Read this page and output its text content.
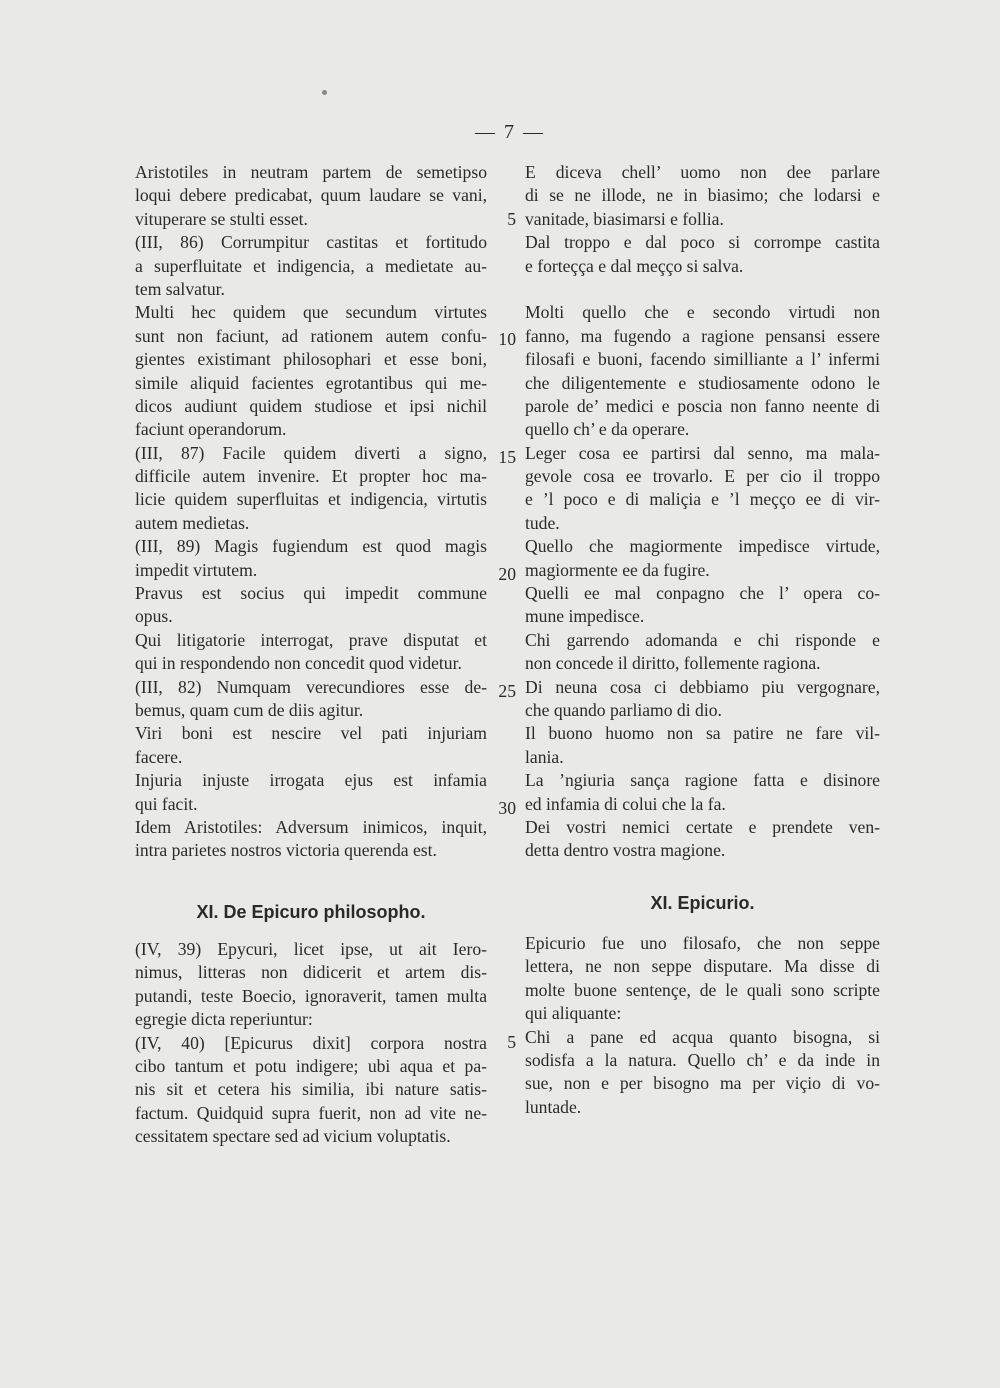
— 7 —
Aristotiles in neutram partem de semetipso
loqui debere predicabat, quum laudare se vani,
vituperare se stulti esset.
(III, 86) Corrumpitur castitas et fortitudo
a superfluitate et indigencia, a medietate au-
tem salvatur.
Multi hec quidem que secundum virtutes
sunt non faciunt, ad rationem autem confu-
gientes existimant philosophari et esse boni,
simile aliquid facientes egrotantibus qui me-
dicos audiunt quidem studiose et ipsi nichil
faciunt operandorum.
(III, 87) Facile quidem diverti a signo,
difficile autem invenire. Et propter hoc ma-
licie quidem superfluitas et indigencia, virtutis
autem medietas.
(III, 89) Magis fugiendum est quod magis
impedit virtutem.
Pravus est socius qui impedit commune
opus.
Qui litigatorie interrogat, prave disputat et
qui in respondendo non concedit quod videtur.
(III, 82) Numquam verecundiores esse de-
bemus, quam cum de diis agitur.
Viri boni est nescire vel pati injuriam
facere.
Injuria injuste irrogata ejus est infamia
qui facit.
Idem Aristotiles: Adversum inimicos, inquit,
intra parietes nostros victoria querenda est.
E diceva chell’ uomo non dee parlare
di se ne illode, ne in biasimo; che lodarsi e
vanitade, biasimarsi e follia.
Dal troppo e dal poco si corrompe castita
e forteçça e dal meçço si salva.
Molti quello che e secondo virtudi non
fanno, ma fugendo a ragione pensansi essere
filosafi e buoni, facendo similliante a l’ infermi
che diligentemente e studiosamente odono le
parole de’ medici e poscia non fanno neente di
quello ch’ e da operare.
Leger cosa ee partirsi dal senno, ma mala-
gevole cosa ee trovarlo. E per cio il troppo
e ’l poco e di maliçia e ’l meçço ee di vir-
tude.
Quello che magiormente impedisce virtude,
magiormente ee da fugire.
Quelli ee mal conpagno che l’ opera co-
mune impedisce.
Chi garrendo adomanda e chi risponde e
non concede il diritto, follemente ragiona.
Di neuna cosa ci debbiamo piu vergognare,
che quando parliamo di dio.
Il buono huomo non sa patire ne fare vil-
lania.
La ’ngiuria sança ragione fatta e disinore
ed infamia di colui che la fa.
Dei vostri nemici certate e prendete ven-
detta dentro vostra magione.
5
10
15
20
25
30
XI. De Epicuro philosopho.	XI. Epicurio.
(IV, 39) Epycuri, licet ipse, ut ait Iero-
nimus, litteras non didicerit et artem dis-
putandi, teste Boecio, ignoraverit, tamen multa
egregie dicta reperiuntur:
(IV, 40) [Epicurus dixit] corpora nostra
cibo tantum et potu indigere; ubi aqua et pa-
nis sit et cetera his similia, ibi nature satis-
factum. Quidquid supra fuerit, non ad vite ne-
cessitatem spectare sed ad vicium voluptatis.
Epicurio fue uno filosafo, che non seppe
lettera, ne non seppe disputare. Ma disse di
molte buone sentençe, de le quali sono scripte
qui aliquante:
Chi a pane ed acqua quanto bisogna, si
sodisfa a la natura. Quello ch’ e da inde in
sue, non e per bisogno ma per viçio di vo-
luntade.
5
